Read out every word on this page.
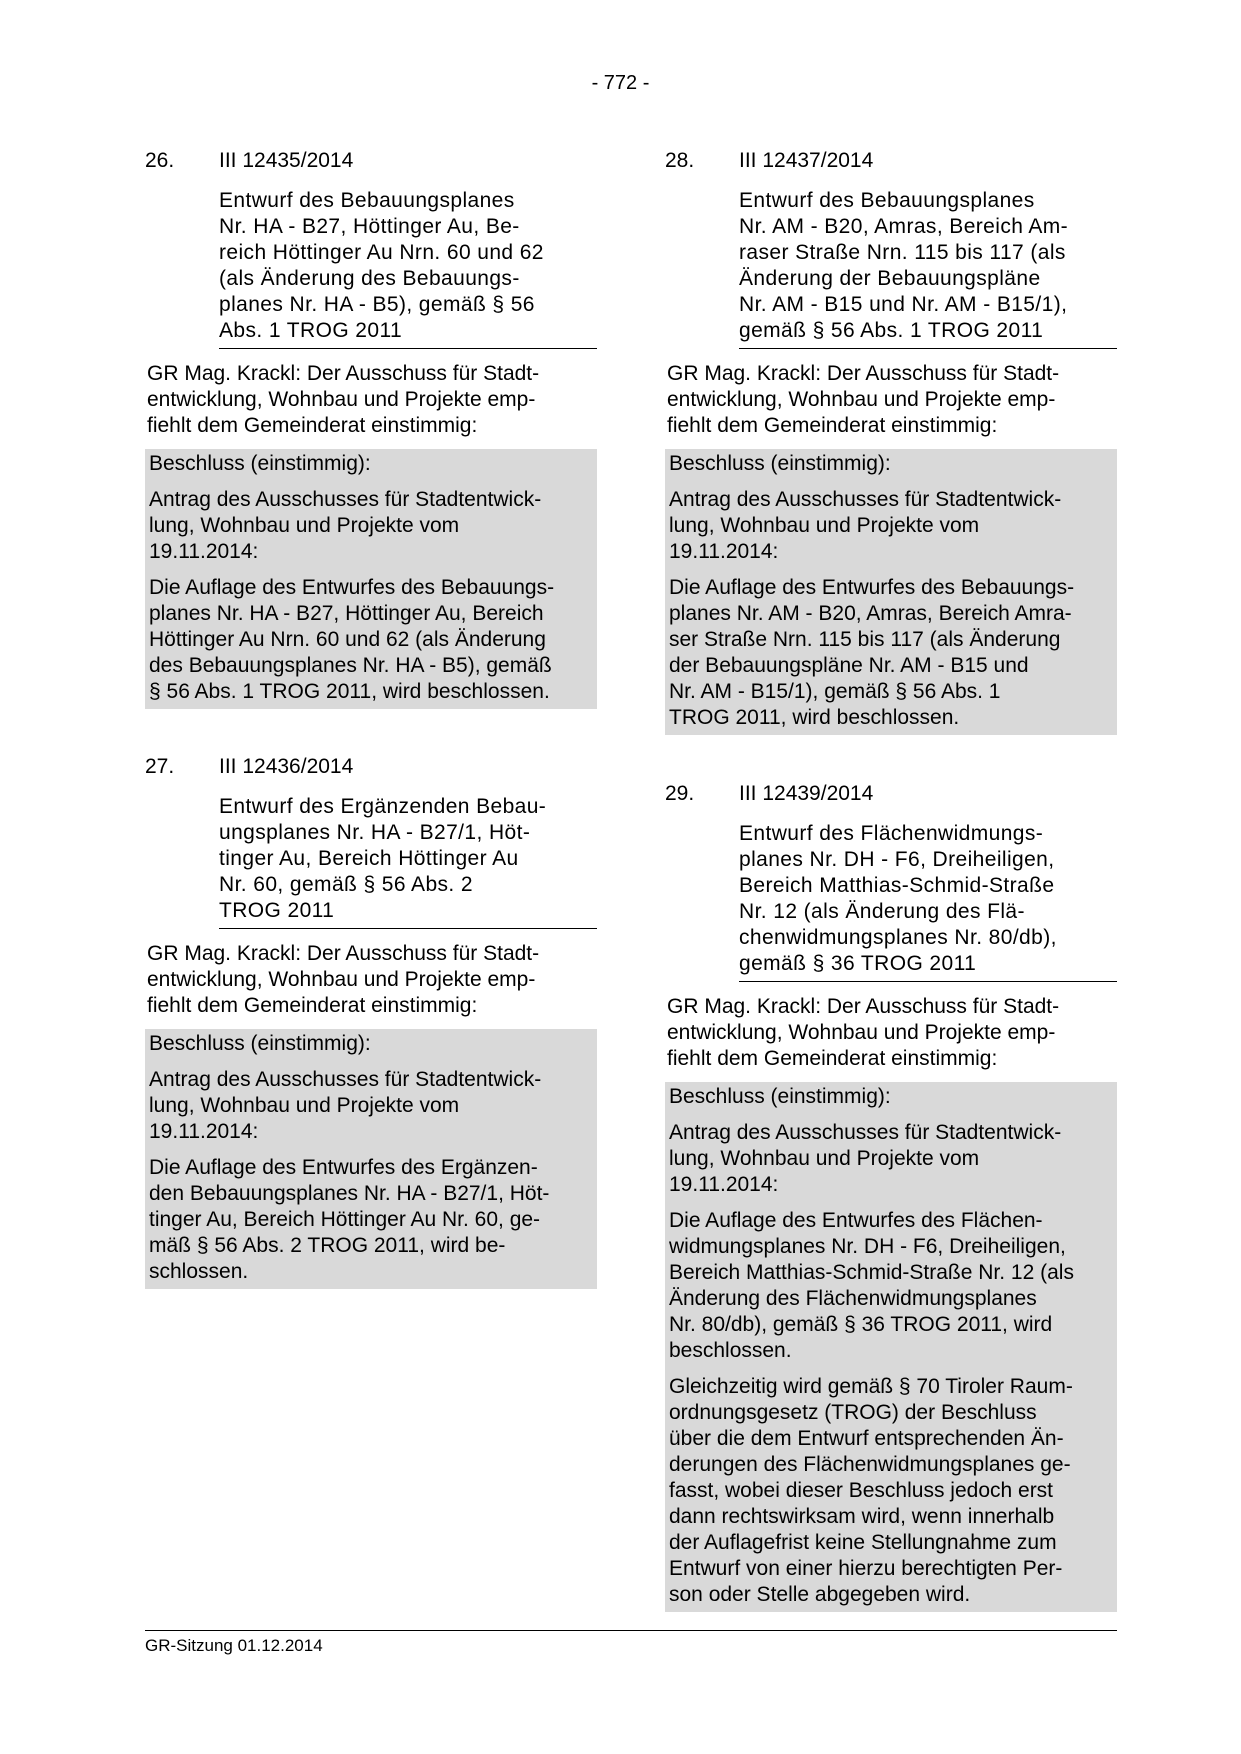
- 772 -
26.	III 12435/2014
Entwurf des Bebauungsplanes
Nr. HA - B27, Höttinger Au, Be-
reich Höttinger Au Nrn. 60 und 62
(als Änderung des Bebauungs-
planes Nr. HA - B5), gemäß § 56
Abs. 1 TROG 2011
GR Mag. Krackl: Der Ausschuss für Stadt-
entwicklung, Wohnbau und Projekte emp-
fiehlt dem Gemeinderat einstimmig:

Beschluss (einstimmig):

Antrag des Ausschusses für Stadtentwick-
lung, Wohnbau und Projekte vom
19.11.2014:

Die Auflage des Entwurfes des Bebauungs-
planes Nr. HA - B27, Höttinger Au, Bereich
Höttinger Au Nrn. 60 und 62 (als Änderung
des Bebauungsplanes Nr. HA - B5), gemäß
§ 56 Abs. 1 TROG 2011, wird beschlossen.

27.	III 12436/2014
Entwurf des Ergänzenden Bebau-
ungsplanes Nr. HA - B27/1, Höt-
tinger Au, Bereich Höttinger Au
Nr. 60, gemäß § 56 Abs. 2
TROG 2011
GR Mag. Krackl: Der Ausschuss für Stadt-
entwicklung, Wohnbau und Projekte emp-
fiehlt dem Gemeinderat einstimmig:

Beschluss (einstimmig):

Antrag des Ausschusses für Stadtentwick-
lung, Wohnbau und Projekte vom
19.11.2014:

Die Auflage des Entwurfes des Ergänzen-
den Bebauungsplanes Nr. HA - B27/1, Höt-
tinger Au, Bereich Höttinger Au Nr. 60, ge-
mäß § 56 Abs. 2 TROG 2011, wird be-
schlossen.

28.	III 12437/2014
Entwurf des Bebauungsplanes
Nr. AM - B20, Amras, Bereich Am-
raser Straße Nrn. 115 bis 117 (als
Änderung der Bebauungspläne
Nr. AM - B15 und Nr. AM - B15/1),
gemäß § 56 Abs. 1 TROG 2011
GR Mag. Krackl: Der Ausschuss für Stadt-
entwicklung, Wohnbau und Projekte emp-
fiehlt dem Gemeinderat einstimmig:

Beschluss (einstimmig):

Antrag des Ausschusses für Stadtentwick-
lung, Wohnbau und Projekte vom
19.11.2014:

Die Auflage des Entwurfes des Bebauungs-
planes Nr. AM - B20, Amras, Bereich Amra-
ser Straße Nrn. 115 bis 117 (als Änderung
der Bebauungspläne Nr. AM - B15 und
Nr. AM - B15/1), gemäß § 56 Abs. 1
TROG 2011, wird beschlossen.

29.	III 12439/2014
Entwurf des Flächenwidmungs-
planes Nr. DH - F6, Dreiheiligen,
Bereich Matthias-Schmid-Straße
Nr. 12 (als Änderung des Flä-
chenwidmungsplanes Nr. 80/db),
gemäß § 36 TROG 2011
GR Mag. Krackl: Der Ausschuss für Stadt-
entwicklung, Wohnbau und Projekte emp-
fiehlt dem Gemeinderat einstimmig:

Beschluss (einstimmig):

Antrag des Ausschusses für Stadtentwick-
lung, Wohnbau und Projekte vom
19.11.2014:

Die Auflage des Entwurfes des Flächen-
widmungsplanes Nr. DH - F6, Dreiheiligen,
Bereich Matthias-Schmid-Straße Nr. 12 (als
Änderung des Flächenwidmungsplanes
Nr. 80/db), gemäß § 36 TROG 2011, wird
beschlossen.

Gleichzeitig wird gemäß § 70 Tiroler Raum-
ordnungsgesetz (TROG) der Beschluss
über die dem Entwurf entsprechenden Än-
derungen des Flächenwidmungsplanes ge-
fasst, wobei dieser Beschluss jedoch erst
dann rechtswirksam wird, wenn innerhalb
der Auflagefrist keine Stellungnahme zum
Entwurf von einer hierzu berechtigten Per-
son oder Stelle abgegeben wird.

GR-Sitzung 01.12.2014
